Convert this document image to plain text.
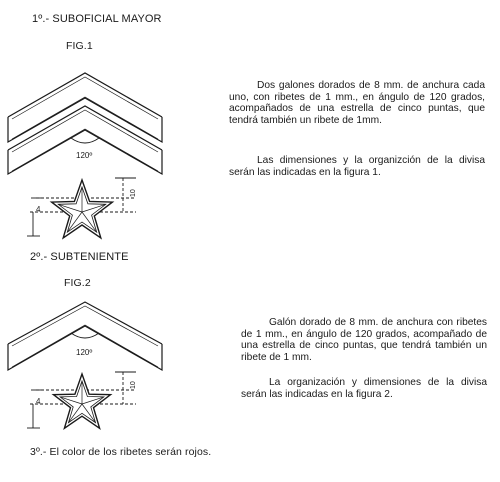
1º.- SUBOFICIAL MAYOR
FIG.1
120º
10
4
Dos galones dorados de 8 mm. de anchura cada uno, con ribetes de 1 mm., en ángulo de 120 grados, acompañados de una estrella de cinco puntas, que tendrá también un ribete de 1mm.
Las dimensiones y la organizción de la divisa serán las indicadas en la figura 1.
2º.- SUBTENIENTE
FIG.2
120º
10
4
Galón dorado de 8 mm. de anchura con ribetes de 1 mm., en ángulo de 120 grados, acompañado de una estrella de cinco puntas, que tendrá también un ribete de 1 mm.
La organización y dimensiones de la divisa serán las indicadas en la figura 2.
3º.- El color de los ribetes serán rojos.
